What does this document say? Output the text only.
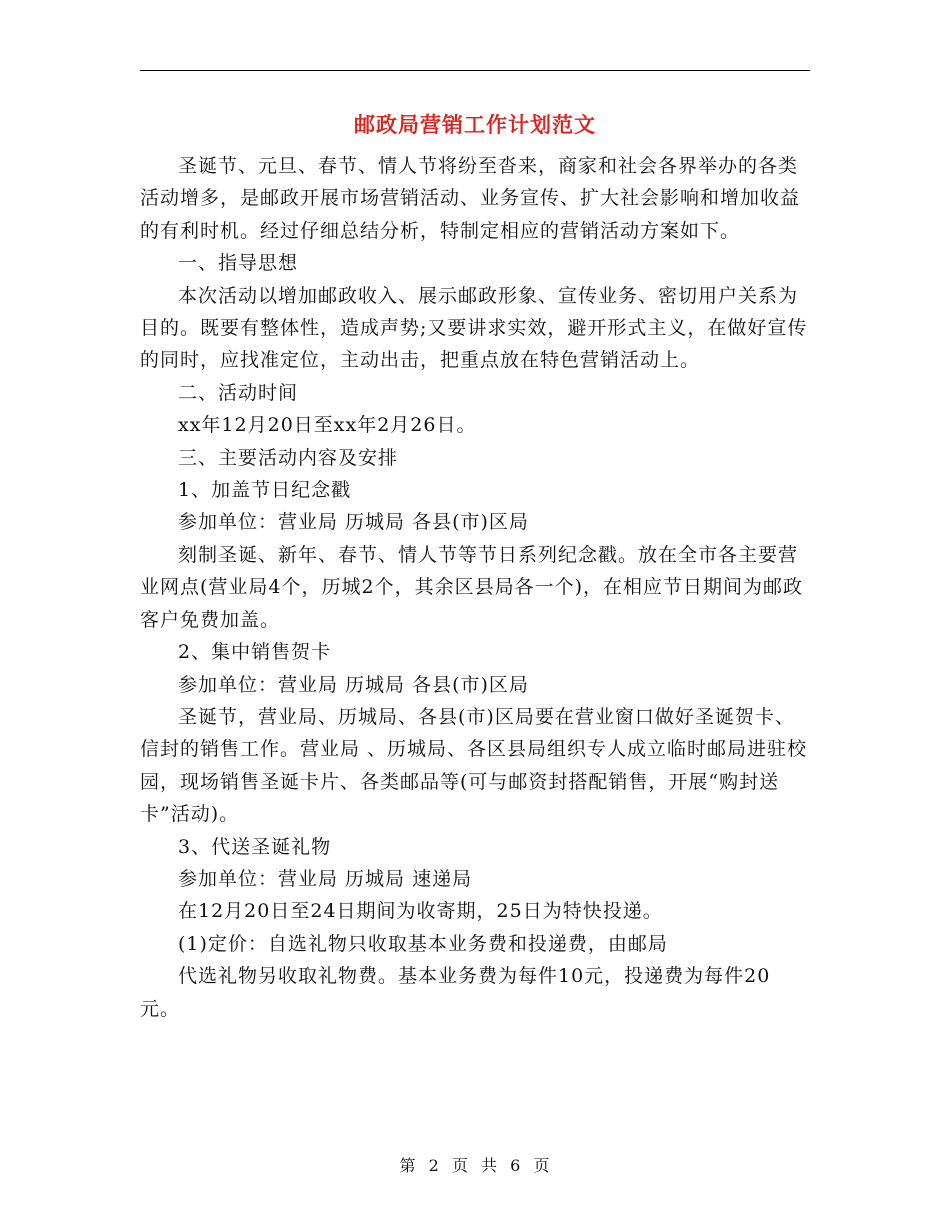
邮政局营销工作计划范文

圣诞节、元旦、春节、情人节将纷至沓来，商家和社会各界举办的各类活动增多，是邮政开展市场营销活动、业务宣传、扩大社会影响和增加收益的有利时机。经过仔细总结分析，特制定相应的营销活动方案如下。

一、指导思想

本次活动以增加邮政收入、展示邮政形象、宣传业务、密切用户关系为目的。既要有整体性，造成声势;又要讲求实效，避开形式主义，在做好宣传的同时，应找准定位，主动出击，把重点放在特色营销活动上。

二、活动时间

xx年12月20日至xx年2月26日。

三、主要活动内容及安排

1、加盖节日纪念戳

参加单位：营业局 历城局 各县(市)区局

刻制圣诞、新年、春节、情人节等节日系列纪念戳。放在全市各主要营业网点(营业局4个，历城2个，其余区县局各一个)，在相应节日期间为邮政客户免费加盖。

2、集中销售贺卡

参加单位：营业局 历城局 各县(市)区局

圣诞节，营业局、历城局、各县(市)区局要在营业窗口做好圣诞贺卡、信封的销售工作。营业局 、历城局、各区县局组织专人成立临时邮局进驻校园，现场销售圣诞卡片、各类邮品等(可与邮资封搭配销售，开展“购封送卡”活动)。

3、代送圣诞礼物

参加单位：营业局 历城局 速递局

在12月20日至24日期间为收寄期，25日为特快投递。

(1)定价：自选礼物只收取基本业务费和投递费，由邮局

代选礼物另收取礼物费。基本业务费为每件10元，投递费为每件20元。

第 2 页 共 6 页
